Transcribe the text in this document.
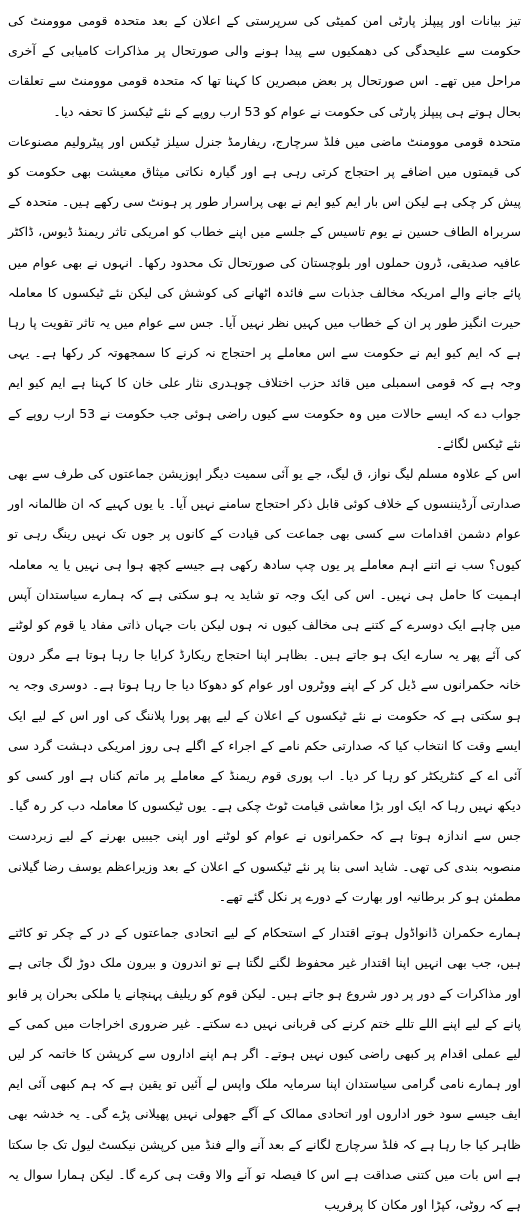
تیز بیانات اور پیپلز پارٹی امن کمیٹی کی سرپرستی کے اعلان کے بعد متحدہ قومی موومنٹ کی حکومت سے علیحدگی کی دھمکیوں سے پیدا ہونے والی صورتحال پر مذاکرات کامیابی کے آخری مراحل میں تھے۔ اس صورتحال پر بعض مبصرین کا کہنا تھا کہ متحدہ قومی موومنٹ سے تعلقات بحال ہوتے ہی پیپلز پارٹی کی حکومت نے عوام کو 53 ارب روپے کے نئے ٹیکسز کا تحفہ دیا۔

متحدہ قومی موومنٹ ماضی میں فلڈ سرچارج، ریفارمڈ جنرل سیلز ٹیکس اور پیٹرولیم مصنوعات کی قیمتوں میں اضافے پر احتجاج کرتی رہی ہے اور گیارہ نکاتی میثاق معیشت بھی حکومت کو پیش کر چکی ہے لیکن اس بار ایم کیو ایم نے بھی پراسرار طور پر ہونٹ سی رکھے ہیں۔ متحدہ کے سربراہ الطاف حسین نے یوم تاسیس کے جلسے میں اپنے خطاب کو امریکی تاثر ریمنڈ ڈیوس، ڈاکٹر عافیہ صدیقی، ڈرون حملوں اور بلوچستان کی صورتحال تک محدود رکھا۔ انہوں نے بھی عوام میں پائے جانے والے امریکہ مخالف جذبات سے فائدہ اٹھانے کی کوشش کی لیکن نئے ٹیکسوں کا معاملہ حیرت انگیز طور پر ان کے خطاب میں کہیں نظر نہیں آیا۔ جس سے عوام میں یہ تاثر تقویت پا رہا ہے کہ ایم کیو ایم نے حکومت سے اس معاملے پر احتجاج نہ کرنے کا سمجھوتہ کر رکھا ہے۔ یہی وجہ ہے کہ قومی اسمبلی میں قائد حزب اختلاف چوہدری نثار علی خان کا کہنا ہے ایم کیو ایم جواب دے کہ ایسے حالات میں وہ حکومت سے کیوں راضی ہوئی جب حکومت نے 53 ارب روپے کے نئے ٹیکس لگائے۔

اس کے علاوہ مسلم لیگ نواز، ق لیگ، جے یو آئی سمیت دیگر اپوزیشن جماعتوں کی طرف سے بھی صدارتی آرڈیننسوں کے خلاف کوئی قابل ذکر احتجاج سامنے نہیں آیا۔ یا یوں کہیے کہ ان ظالمانہ اور عوام دشمن اقدامات سے کسی بھی جماعت کی قیادت کے کانوں پر جوں تک نہیں رینگ رہی تو کیوں؟ سب نے اتنے اہم معاملے پر یوں چپ سادھ رکھی ہے جیسے کچھ ہوا ہی نہیں یا یہ معاملہ اہمیت کا حامل ہی نہیں۔ اس کی ایک وجہ تو شاید یہ ہو سکتی ہے کہ ہمارے سیاستدان آپس میں چاہے ایک دوسرے کے کتنے ہی مخالف کیوں نہ ہوں لیکن بات جہاں ذاتی مفاد یا قوم کو لوٹنے کی آئے پھر یہ سارے ایک ہو جاتے ہیں۔ بظاہر اپنا احتجاج ریکارڈ کرایا جا رہا ہوتا ہے مگر درون خانہ حکمرانوں سے ڈیل کر کے اپنے ووٹروں اور عوام کو دھوکا دیا جا رہا ہوتا ہے۔ دوسری وجہ یہ ہو سکتی ہے کہ حکومت نے نئے ٹیکسوں کے اعلان کے لیے پھر پورا پلاننگ کی اور اس کے لیے ایک ایسے وقت کا انتخاب کیا کہ صدارتی حکم نامے کے اجراء کے اگلے ہی روز امریکی دہشت گرد سی آئی اے کے کنٹریکٹر کو رہا کر دیا۔ اب پوری قوم ریمنڈ کے معاملے پر ماتم کناں ہے اور کسی کو دیکھ نہیں رہا کہ ایک اور بڑا معاشی قیامت ٹوٹ چکی ہے۔ یوں ٹیکسوں کا معاملہ دب کر رہ گیا۔ جس سے اندازہ ہوتا ہے کہ حکمرانوں نے عوام کو لوٹنے اور اپنی جیبیں بھرنے کے لیے زبردست منصوبہ بندی کی تھی۔ شاید اسی بنا پر نئے ٹیکسوں کے اعلان کے بعد وزیراعظم یوسف رضا گیلانی مطمئن ہو کر برطانیہ اور بھارت کے دورے پر نکل گئے تھے۔

ہمارے حکمران ڈانواڈول ہوتے اقتدار کے استحکام کے لیے اتحادی جماعتوں کے در کے چکر تو کاٹتے ہیں، جب بھی انہیں اپنا اقتدار غیر محفوظ لگنے لگتا ہے تو اندرون و بیرون ملک دوڑ لگ جاتی ہے اور مذاکرات کے دور پر دور شروع ہو جاتے ہیں۔ لیکن قوم کو ریلیف پہنچانے یا ملکی بحران پر قابو پانے کے لیے اپنے اللے تللے ختم کرنے کی قربانی نہیں دے سکتے۔ غیر ضروری اخراجات میں کمی کے لیے عملی اقدام پر کبھی راضی کیوں نہیں ہوتے۔ اگر ہم اپنے اداروں سے کرپشن کا خاتمہ کر لیں اور ہمارے نامی گرامی سیاستدان اپنا سرمایہ ملک واپس لے آئیں تو یقین ہے کہ ہم کبھی آئی ایم ایف جیسے سود خور اداروں اور اتحادی ممالک کے آگے جھولی نہیں پھیلانی پڑے گی۔ یہ خدشہ بھی ظاہر کیا جا رہا ہے کہ فلڈ سرچارج لگانے کے بعد آنے والے فنڈ میں کرپشن نیکسٹ لیول تک جا سکتا ہے اس بات میں کتنی صداقت ہے اس کا فیصلہ تو آنے والا وقت ہی کرے گا۔ لیکن ہمارا سوال یہ ہے کہ روٹی، کپڑا اور مکان کا پرفریب
